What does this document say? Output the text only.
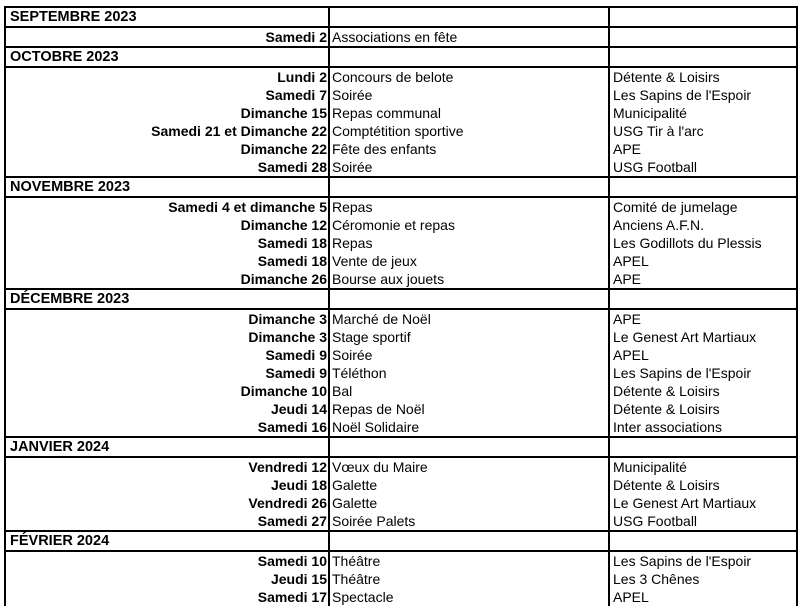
SEPTEMBRE 2023		
Samedi 2	Associations en fête	
OCTOBRE 2023		
Lundi 2	Concours de belote	Détente & Loisirs
Samedi 7	Soirée	Les Sapins de l'Espoir
Dimanche 15	Repas communal	Municipalité
Samedi 21 et Dimanche 22	Comptétition sportive	USG Tir à l'arc
Dimanche 22	Fête des enfants	APE
Samedi 28	Soirée	USG Football
NOVEMBRE 2023		
Samedi 4 et dimanche 5	Repas	Comité de jumelage
Dimanche 12	Céromonie et repas	Anciens A.F.N.
Samedi 18	Repas	Les Godillots du Plessis
Samedi 18	Vente de jeux	APEL
Dimanche 26	Bourse aux jouets	APE
DÉCEMBRE 2023		
Dimanche 3	Marché de Noël	APE
Dimanche 3	Stage sportif	Le Genest Art Martiaux
Samedi 9	Soirée	APEL
Samedi 9	Téléthon	Les Sapins de l'Espoir
Dimanche 10	Bal	Détente & Loisirs
Jeudi 14	Repas de Noël	Détente & Loisirs
Samedi 16	Noël Solidaire	Inter associations
JANVIER 2024		
Vendredi 12	Vœux du Maire	Municipalité
Jeudi 18	Galette	Détente & Loisirs
Vendredi 26	Galette	Le Genest Art Martiaux
Samedi 27	Soirée Palets	USG Football
FÉVRIER 2024		
Samedi 10	Théâtre	Les Sapins de l'Espoir
Jeudi 15	Théâtre	Les 3 Chênes
Samedi 17	Spectacle	APEL
